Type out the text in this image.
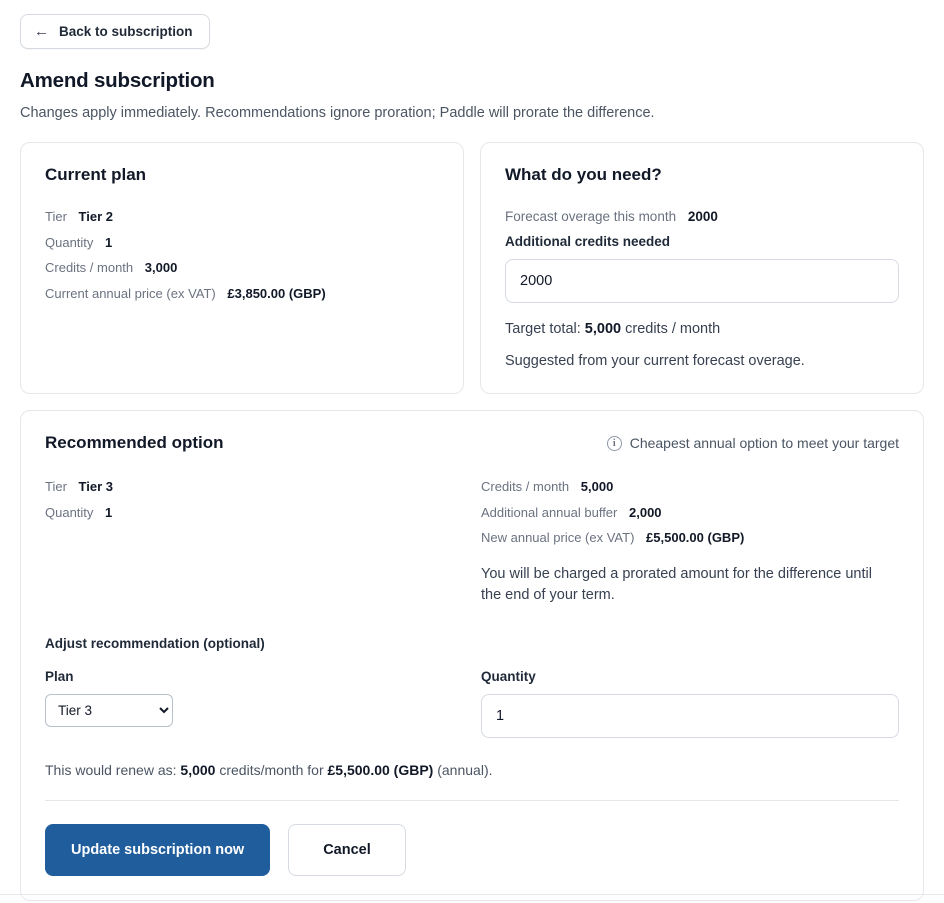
← Back to subscription
Amend subscription

Changes apply immediately. Recommendations ignore proration; Paddle will prorate the difference.

Current plan
Tier Tier 2
Quantity 1
Credits / month 3,000
Current annual price (ex VAT) £3,850.00 (GBP)
What do you need?
Forecast overage this month 2000
Additional credits needed
2000
Target total: 5,000 credits / month
Suggested from your current forecast overage.
Recommended option	i	Cheapest annual option to meet your target
Tier Tier 3
Quantity 1
Credits / month 5,000
Additional annual buffer 2,000
New annual price (ex VAT) £5,500.00 (GBP)
You will be charged a prorated amount for the difference until the end of your term.
Adjust recommendation (optional)
Plan
Tier 3	Quantity
1
This would renew as: 5,000 credits/month for £5,500.00 (GBP) (annual).
Update subscription now	Cancel
